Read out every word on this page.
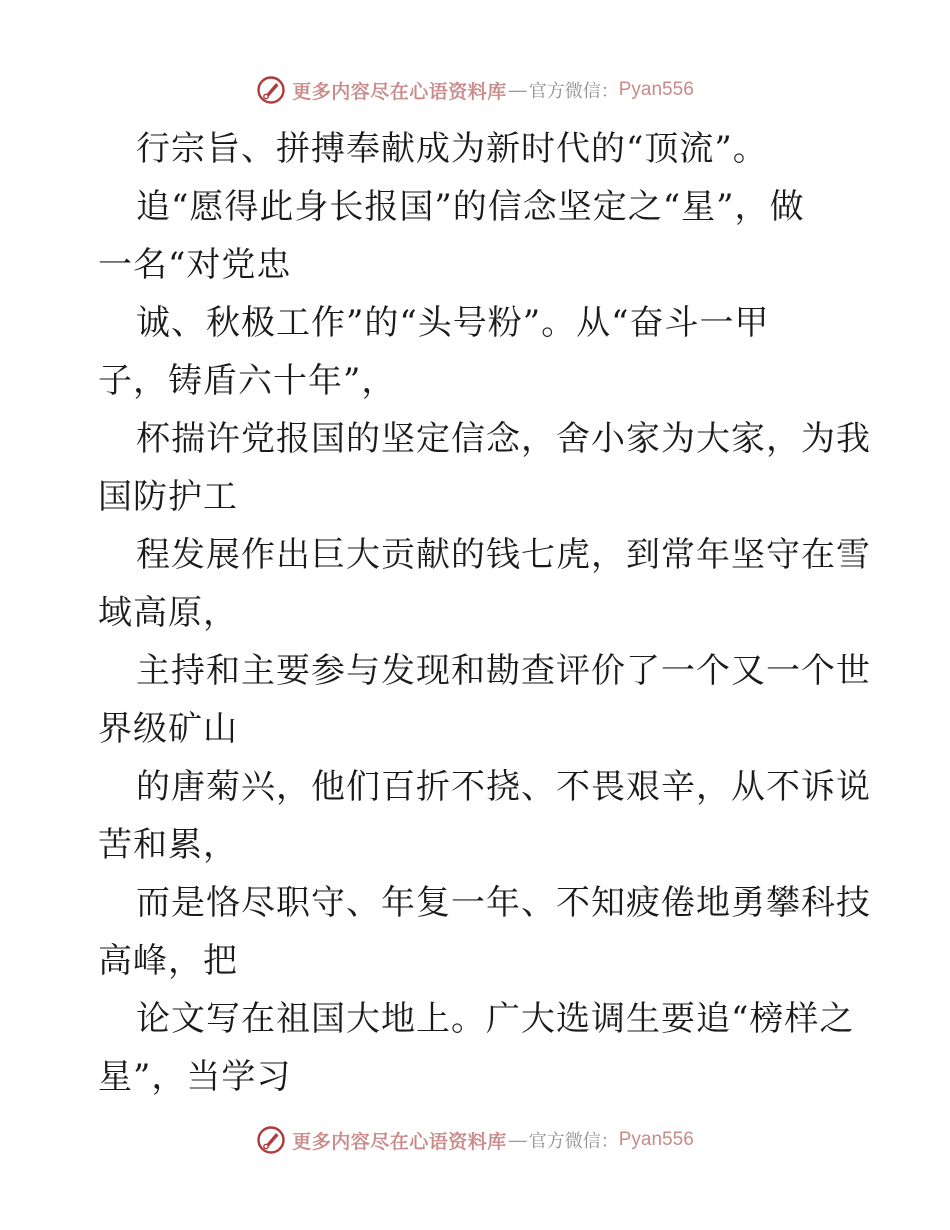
更多内容尽在心语资料库 — 官方微信： Pyan556
行宗旨、拼搏奉献成为新时代的“顶流”。
追“愿得此身长报国”的信念坚定之“星”，做
一名“对党忠
诚、秋极工作”的“头号粉”。从“奋斗一甲
子，铸盾六十年”，
杯揣许党报国的坚定信念，舍小家为大家，为我
国防护工
程发展作出巨大贡献的钱七虎，到常年坚守在雪
域高原，
主持和主要参与发现和勘查评价了一个又一个世
界级矿山
的唐菊兴，他们百折不挠、不畏艰辛，从不诉说
苦和累，
而是恪尽职守、年复一年、不知疲倦地勇攀科技
高峰，把
论文写在祖国大地上。广大选调生要追“榜样之
星”，当学习
更多内容尽在心语资料库 — 官方微信： Pyan556
